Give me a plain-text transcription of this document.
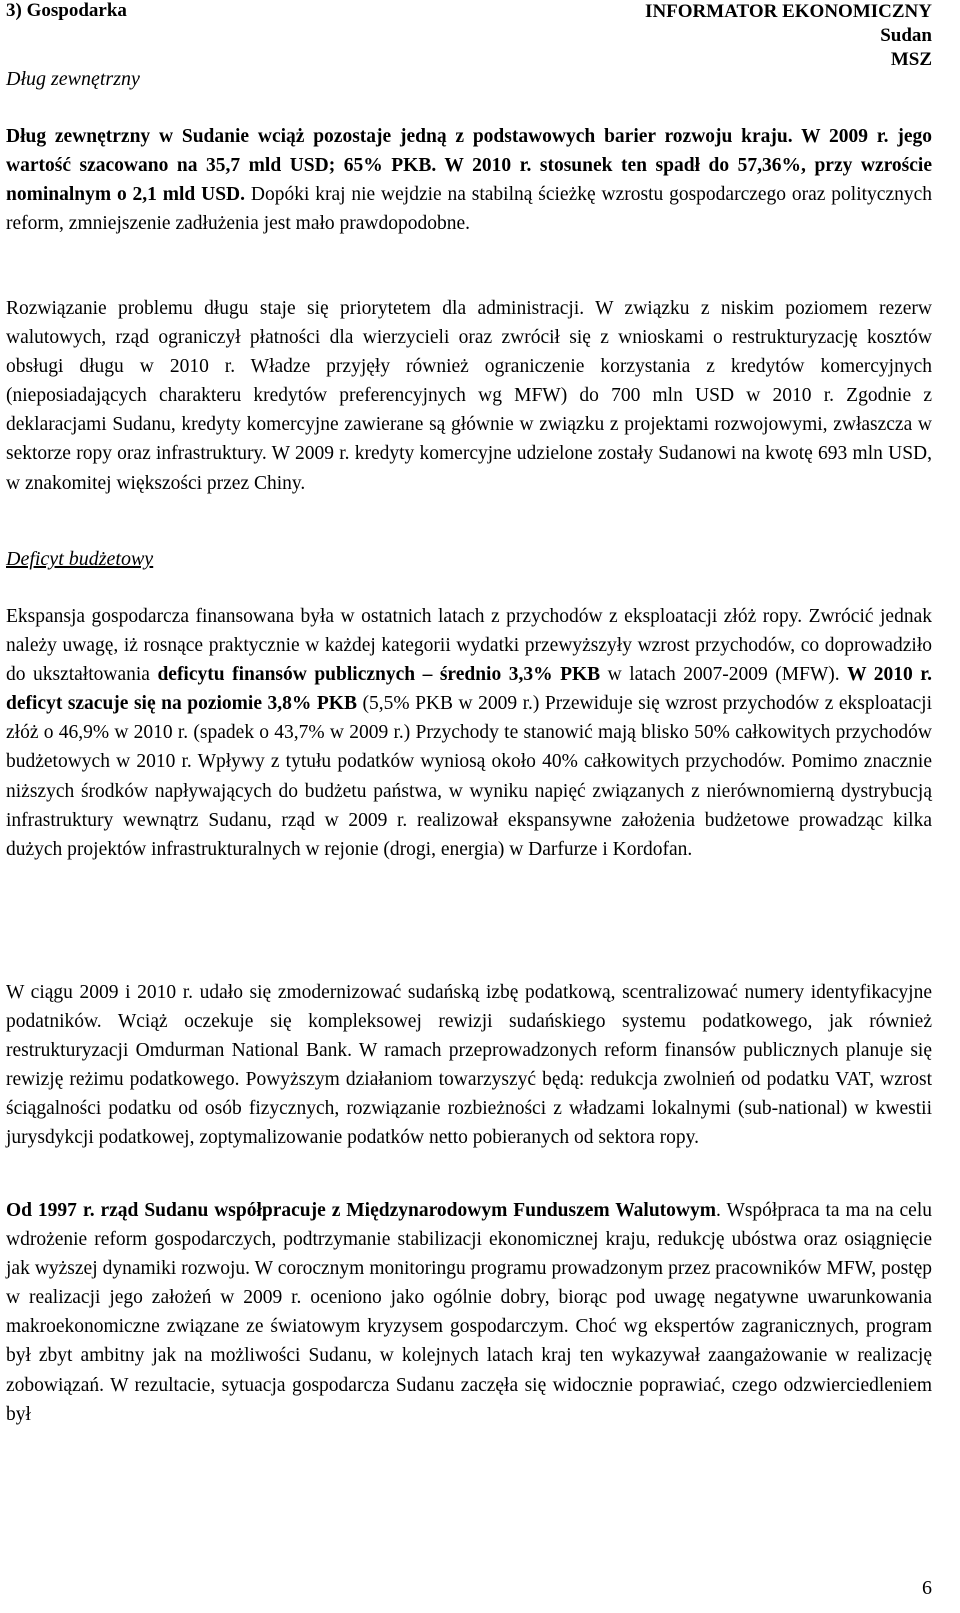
3) Gospodarka	INFORMATOR EKONOMICZNY
Sudan
MSZ
Dług zewnętrzny
Dług zewnętrzny w Sudanie wciąż pozostaje jedną z podstawowych barier rozwoju kraju. W 2009 r. jego wartość szacowano na 35,7 mld USD; 65% PKB. W 2010 r. stosunek ten spadł do 57,36%, przy wzroście nominalnym o 2,1 mld USD. Dopóki kraj nie wejdzie na stabilną ścieżkę wzrostu gospodarczego oraz politycznych reform, zmniejszenie zadłużenia jest mało prawdopodobne.
Rozwiązanie problemu długu staje się priorytetem dla administracji. W związku z niskim poziomem rezerw walutowych, rząd ograniczył płatności dla wierzycieli oraz zwrócił się z wnioskami o restrukturyzację kosztów obsługi długu w 2010 r. Władze przyjęły również ograniczenie korzystania z kredytów komercyjnych (nieposiadających charakteru kredytów preferencyjnych wg MFW) do 700 mln USD w 2010 r. Zgodnie z deklaracjami Sudanu, kredyty komercyjne zawierane są głównie w związku z projektami rozwojowymi, zwłaszcza w sektorze ropy oraz infrastruktury. W 2009 r. kredyty komercyjne udzielone zostały Sudanowi na kwotę 693 mln USD, w znakomitej większości przez Chiny.
Deficyt budżetowy
Ekspansja gospodarcza finansowana była w ostatnich latach z przychodów z eksploatacji złóż ropy. Zwrócić jednak należy uwagę, iż rosnące praktycznie w każdej kategorii wydatki przewyższyły wzrost przychodów, co doprowadziło do ukształtowania deficytu finansów publicznych – średnio 3,3% PKB w latach 2007-2009 (MFW). W 2010 r. deficyt szacuje się na poziomie 3,8% PKB (5,5% PKB w 2009 r.) Przewiduje się wzrost przychodów z eksploatacji złóż o 46,9% w 2010 r. (spadek o 43,7% w 2009 r.) Przychody te stanowić mają blisko 50% całkowitych przychodów budżetowych w 2010 r. Wpływy z tytułu podatków wyniosą około 40% całkowitych przychodów. Pomimo znacznie niższych środków napływających do budżetu państwa, w wyniku napięć związanych z nierównomierną dystrybucją infrastruktury wewnątrz Sudanu, rząd w 2009 r. realizował ekspansywne założenia budżetowe prowadząc kilka dużych projektów infrastrukturalnych w rejonie (drogi, energia) w Darfurze i Kordofan.
W ciągu 2009 i 2010 r. udało się zmodernizować sudańską izbę podatkową, scentralizować numery identyfikacyjne podatników. Wciąż oczekuje się kompleksowej rewizji sudańskiego systemu podatkowego, jak również restrukturyzacji Omdurman National Bank. W ramach przeprowadzonych reform finansów publicznych planuje się rewizję reżimu podatkowego. Powyższym działaniom towarzyszyć będą: redukcja zwolnień od podatku VAT, wzrost ściągalności podatku od osób fizycznych, rozwiązanie rozbieżności z władzami lokalnymi (sub-national) w kwestii jurysdykcji podatkowej, zoptymalizowanie podatków netto pobieranych od sektora ropy.
Od 1997 r. rząd Sudanu współpracuje z Międzynarodowym Funduszem Walutowym. Współpraca ta ma na celu wdrożenie reform gospodarczych, podtrzymanie stabilizacji ekonomicznej kraju, redukcję ubóstwa oraz osiągnięcie jak wyższej dynamiki rozwoju. W corocznym monitoringu programu prowadzonym przez pracowników MFW, postęp w realizacji jego założeń w 2009 r. oceniono jako ogólnie dobry, biorąc pod uwagę negatywne uwarunkowania makroekonomiczne związane ze światowym kryzysem gospodarczym. Choć wg ekspertów zagranicznych, program był zbyt ambitny jak na możliwości Sudanu, w kolejnych latach kraj ten wykazywał zaangażowanie w realizację zobowiązań. W rezultacie, sytuacja gospodarcza Sudanu zaczęła się widocznie poprawiać, czego odzwierciedleniem był
6
